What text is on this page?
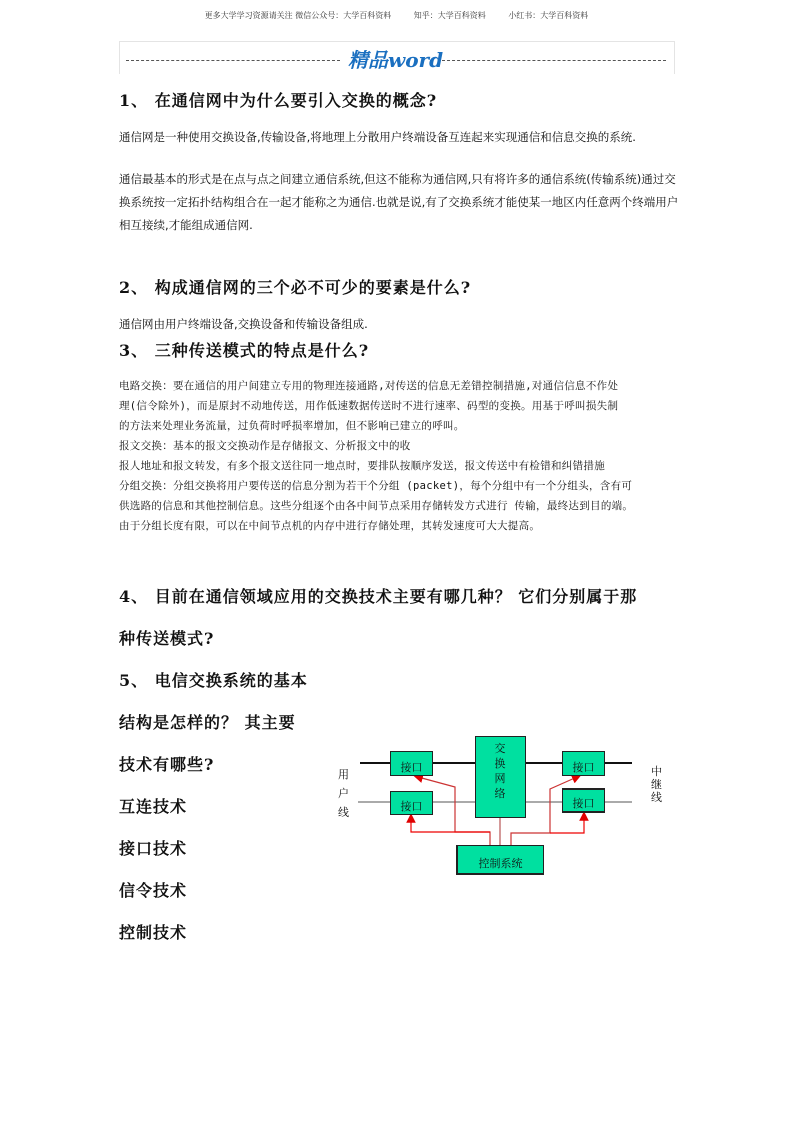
更多大学学习资源请关注 微信公众号：大学百科资料	知乎：大学百科资料	小红书：大学百科资料
精品word
1、 在通信网中为什么要引入交换的概念?
通信网是一种使用交换设备,传输设备,将地理上分散用户终端设备互连起来实现通信和信息交换的系统.
通信最基本的形式是在点与点之间建立通信系统,但这不能称为通信网,只有将许多的通信系统(传输系统)通过交换系统按一定拓扑结构组合在一起才能称之为通信.也就是说,有了交换系统才能使某一地区内任意两个终端用户相互接续,才能组成通信网.
2、 构成通信网的三个必不可少的要素是什么?
通信网由用户终端设备,交换设备和传输设备组成.
3、 三种传送模式的特点是什么?
电路交换：要在通信的用户间建立专用的物理连接通路,对传送的信息无差错控制措施,对通信信息不作处
理(信令除外)，而是原封不动地传送，用作低速数据传送时不进行速率、码型的变换。用基于呼叫损失制
的方法来处理业务流量，过负荷时呼损率增加，但不影响已建立的呼叫。
报文交换：基本的报文交换动作是存储报文、分析报文中的收
报人地址和报文转发，有多个报文送往同一地点时，要排队按顺序发送，报文传送中有检错和纠错措施
分组交换：分组交换将用户要传送的信息分割为若干个分组 (packet)，每个分组中有一个分组头，含有可
供选路的信息和其他控制信息。这些分组逐个由各中间节点采用存储转发方式进行 传输，最终达到目的端。
由于分组长度有限，可以在中间节点机的内存中进行存储处理，其转发速度可大大提高。
4、 目前在通信领域应用的交换技术主要有哪几种？ 它们分别属于那
种传送模式?
5、 电信交换系统的基本
结构是怎样的？ 其主要
技术有哪些?
互连技术
接口技术
信令技术
控制技术
接口
接口
接口
接口
交换网络
控制系统
用户线
中继线
